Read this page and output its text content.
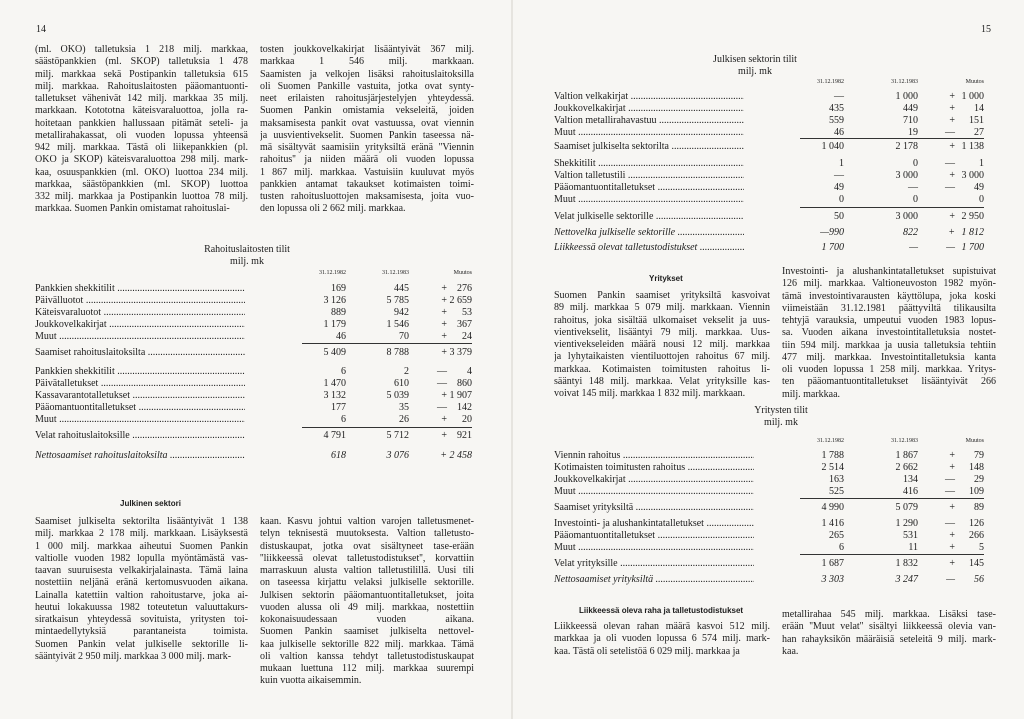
14
(ml. OKO) talletuksia 1 218 milj. markkaa,
säästöpankkien (ml. SKOP) talletuksia 1 478
milj. markkaa sekä Postipankin talletuksia 615
milj. markkaa. Rahoituslaitosten pääomantuonti-
talletukset vähenivät 142 milj. markkaa 35 milj.
markkaan. Kotototna käteisvaraluottoa, jolla ra-
hoitetaan pankkien hallussaan pitämät seteli- ja
metallirahakassat, oli vuoden lopussa yhteensä
942 milj. markkaa. Tästä oli liikepankkien (pl.
OKO ja SKOP) käteisvaraluottoa 298 milj. mark-
kaa, osuuspankkien (ml. OKO) luottoa 234 milj.
markkaa, säästöpankkien (ml. SKOP) luottoa
332 milj. markkaa ja Postipankin luottoa 78 milj.
markkaa. Suomen Pankin omistamat rahoituslai-
tosten joukkovelkakirjat lisääntyivät 367 milj.
markkaa 1 546 milj. markkaan.
Saamisten ja velkojen lisäksi rahoituslaitoksilla
oli Suomen Pankille vastuita, jotka ovat synty-
neet erilaisten rahoitusjärjestelyjen yhteydessä.
Suomen Pankin omistamia vekseleitä, joiden
maksamisesta pankit ovat vastuussa, ovat viennin
ja uusvientivekselit. Suomen Pankin taseessa nä-
mä sisältyvät saamisiin yrityksiltä eränä ''Viennin
rahoitus'' ja niiden määrä oli vuoden lopussa
1 867 milj. markkaa. Vastuisiin kuuluvat myös
pankkien antamat takaukset kotimaisten toimi-
tusten rahoitusluottojen maksamisesta, joita vuo-
den lopussa oli 2 662 milj. markkaa.
Rahoituslaitosten tilit
milj. mk
31.12.1982	31.12.1983	Muutos
Pankkien shekkitilit .....	169	445	+	276
Päivälluotot .....	3 126	5 785	+ 2 659
Käteisvaraluotot .....	889	942	+	53
Joukkovelkakirjat .....	1 179	1 546	+	367
Muut .....	46	70	+	24
Saamiset rahoituslaitoksilta .....	5 409	8 788	+ 3 379
Pankkien shekkitilit .....	6	2	—	4
Päivätalletukset .....	1 470	610	—	860
Kassavarantotalletukset .....	3 132	5 039	+ 1 907
Pääomantuontitalletukset .....	177	35	—	142
Muut .....	6	26	+	20
Velat rahoituslaitoksille .....	4 791	5 712	+	921
Nettosaamiset rahoituslaitoksilta .....	618	3 076	+ 2 458
Julkinen sektori
Saamiset julkiselta sektorilta lisääntyivät 1 138
milj. markkaa 2 178 milj. markkaan. Lisäyksestä
1 000 milj. markkaa aiheutui Suomen Pankin
valtiolle vuoden 1982 lopulla myöntämästä vas-
taavan suuruisesta velkakirjalainasta. Tämä laina
nostettiin neljänä eränä kertomusvuoden aikana.
Lainalla katettiin valtion rahoitustarve, joka ai-
heutui lokakuussa 1982 toteutetun valuuttakurs-
siratkaisun yhteydessä sovituista, yritysten toi-
mintaedellytyksiä parantaneista toimista.
Suomen Pankin velat julkiselle sektorille li-
sääntyivät 2 950 milj. markkaa 3 000 milj. mark-
kaan. Kasvu johtui valtion varojen talletusmenet-
telyn teknisestä muutoksesta. Valtion talletusto-
distuskaupat, jotka ovat sisältyneet tase-erään
''liikkeessä olevat talletustodistukset'', korvattiin
marraskuun alusta valtion talletustilillä. Uusi tili
on taseessa kirjattu velaksi julkiselle sektorille.
Julkisen sektorin pääomantuontitalletukset, joita
vuoden alussa oli 49 milj. markkaa, nostettiin
kokonaisuudessaan vuoden aikana.
Suomen Pankin saamiset julkiselta nettovel-
kaa julkiselle sektorille 822 milj. markkaa. Tämä
oli valtion kanssa tehdyt talletustodistuskaupat
mukaan luettuna 112 milj. markkaa suurempi
kuin vuotta aikaisemmin.
15
Julkisen sektorin tilit
milj. mk
31.12.1982	31.12.1983	Muutos
Valtion velkakirjat .....	—	1 000	+ 1 000
Joukkovelkakirjat .....	435	449	+	14
Valtion metallirahavastuu .....	559	710	+	151
Muut .....	46	19	—	27
Saamiset julkiselta sektorilta .....	1 040	2 178	+ 1 138
Shekkitilit .....	1	0	—	1
Valtion talletustili .....	—	3 000	+ 3 000
Pääomantuontitalletukset .....	49	—	—	49
Muut .....	0	0	0
Velat julkiselle sektorille .....	50	3 000	+ 2 950
Nettovelka julkiselle sektorille .....	—990	822	+ 1 812
Liikkeessä olevat talletustodistukset .....	1 700	—	— 1 700
Yritykset
Suomen Pankin saamiset yrityksiltä kasvoivat
89 milj. markkaa 5 079 milj. markkaan. Viennin
rahoitus, joka sisältää ulkomaiset vekselit ja uus-
vientivekselit, lisääntyi 79 milj. markkaa. Uus-
vientivekseleiden määrä nousi 12 milj. markkaa
ja lyhytaikaisten vientiluottojen rahoitus 67 milj.
markkaa. Kotimaisten toimitusten rahoitus li-
sääntyi 148 milj. markkaa. Velat yrityksille kas-
voivat 145 milj. markkaa 1 832 milj. markkaan.
Investointi- ja alushankintatalletukset supistuivat
126 milj. markkaa. Valtioneuvoston 1982 myön-
tämä investointivarausten käyttölupa, joka koski
viimeistään 31.12.1981 päättyviltä tilikausilta
tehtyjä varauksia, umpeutui vuoden 1983 lopus-
sa. Vuoden aikana investointitalletuksia nostet-
tiin 594 milj. markkaa ja uusia talletuksia tehtiin
477 milj. markkaa. Investointitalletuksia kanta
oli vuoden lopussa 1 258 milj. markkaa. Yritys-
ten pääomantuontitalletukset lisääntyivät 266
milj. markkaa.
Yritysten tilit
milj. mk
31.12.1982	31.12.1983	Muutos
Viennin rahoitus .....	1 788	1 867	+	79
Kotimaisten toimitusten rahoitus .....	2 514	2 662	+	148
Joukkovelkakirjat .....	163	134	—	29
Muut .....	525	416	—	109
Saamiset yrityksiltä .....	4 990	5 079	+	89
Investointi- ja alushankintatalletukset .....	1 416	1 290	—	126
Pääomantuontitalletukset .....	265	531	+	266
Muut .....	6	11	+	5
Velat yrityksille .....	1 687	1 832	+	145
Nettosaamiset yrityksiltä .....	3 303	3 247	—	56
Liikkeessä oleva raha ja talletustodistukset
Liikkeessä olevan rahan määrä kasvoi 512 milj.
markkaa ja oli vuoden lopussa 6 574 milj. mark-
kaa. Tästä oli setelistöä 6 029 milj. markkaa ja
metallirahaa 545 milj. markkaa. Lisäksi tase-
erään ''Muut velat'' sisältyi liikkeessä olevia van-
han rahayksikön määräisiä seteleitä 9 milj. mark-
kaa.
